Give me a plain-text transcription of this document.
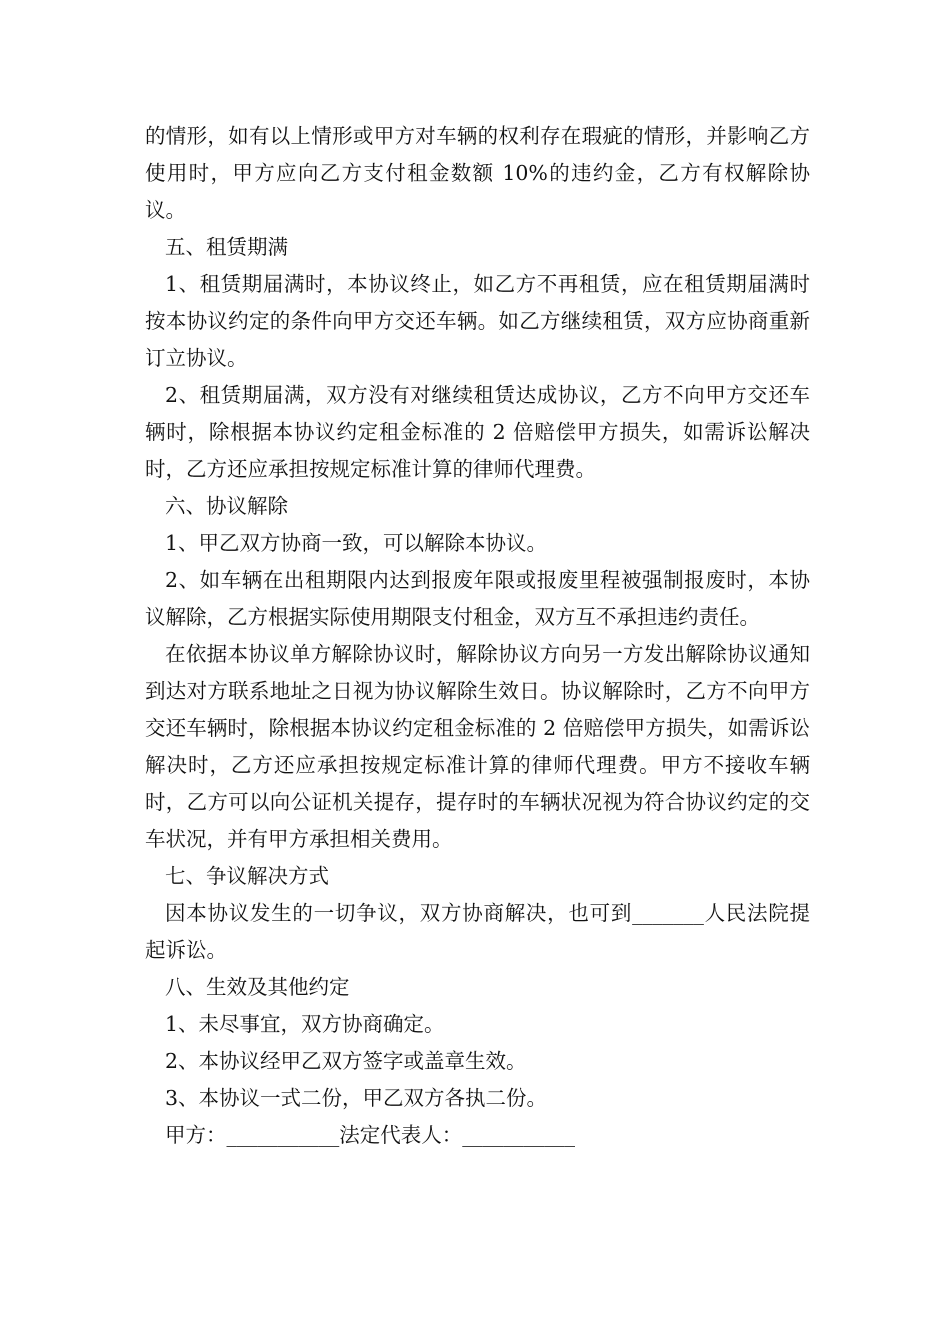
的情形，如有以上情形或甲方对车辆的权利存在瑕疵的情形，并影响乙方使用时，甲方应向乙方支付租金数额 10%的违约金，乙方有权解除协议。

五、租赁期满

1、租赁期届满时，本协议终止，如乙方不再租赁，应在租赁期届满时按本协议约定的条件向甲方交还车辆。如乙方继续租赁，双方应协商重新订立协议。

2、租赁期届满，双方没有对继续租赁达成协议，乙方不向甲方交还车辆时，除根据本协议约定租金标准的 2 倍赔偿甲方损失，如需诉讼解决时，乙方还应承担按规定标准计算的律师代理费。

六、协议解除

1、甲乙双方协商一致，可以解除本协议。

2、如车辆在出租期限内达到报废年限或报废里程被强制报废时，本协议解除，乙方根据实际使用期限支付租金，双方互不承担违约责任。

在依据本协议单方解除协议时，解除协议方向另一方发出解除协议通知到达对方联系地址之日视为协议解除生效日。协议解除时，乙方不向甲方交还车辆时，除根据本协议约定租金标准的 2 倍赔偿甲方损失，如需诉讼解决时，乙方还应承担按规定标准计算的律师代理费。甲方不接收车辆时，乙方可以向公证机关提存，提存时的车辆状况视为符合协议约定的交车状况，并有甲方承担相关费用。

七、争议解决方式

因本协议发生的一切争议，双方协商解决，也可到_______人民法院提起诉讼。

八、生效及其他约定

1、未尽事宜，双方协商确定。

2、本协议经甲乙双方签字或盖章生效。

3、本协议一式二份，甲乙双方各执二份。

甲方：___________法定代表人：___________
